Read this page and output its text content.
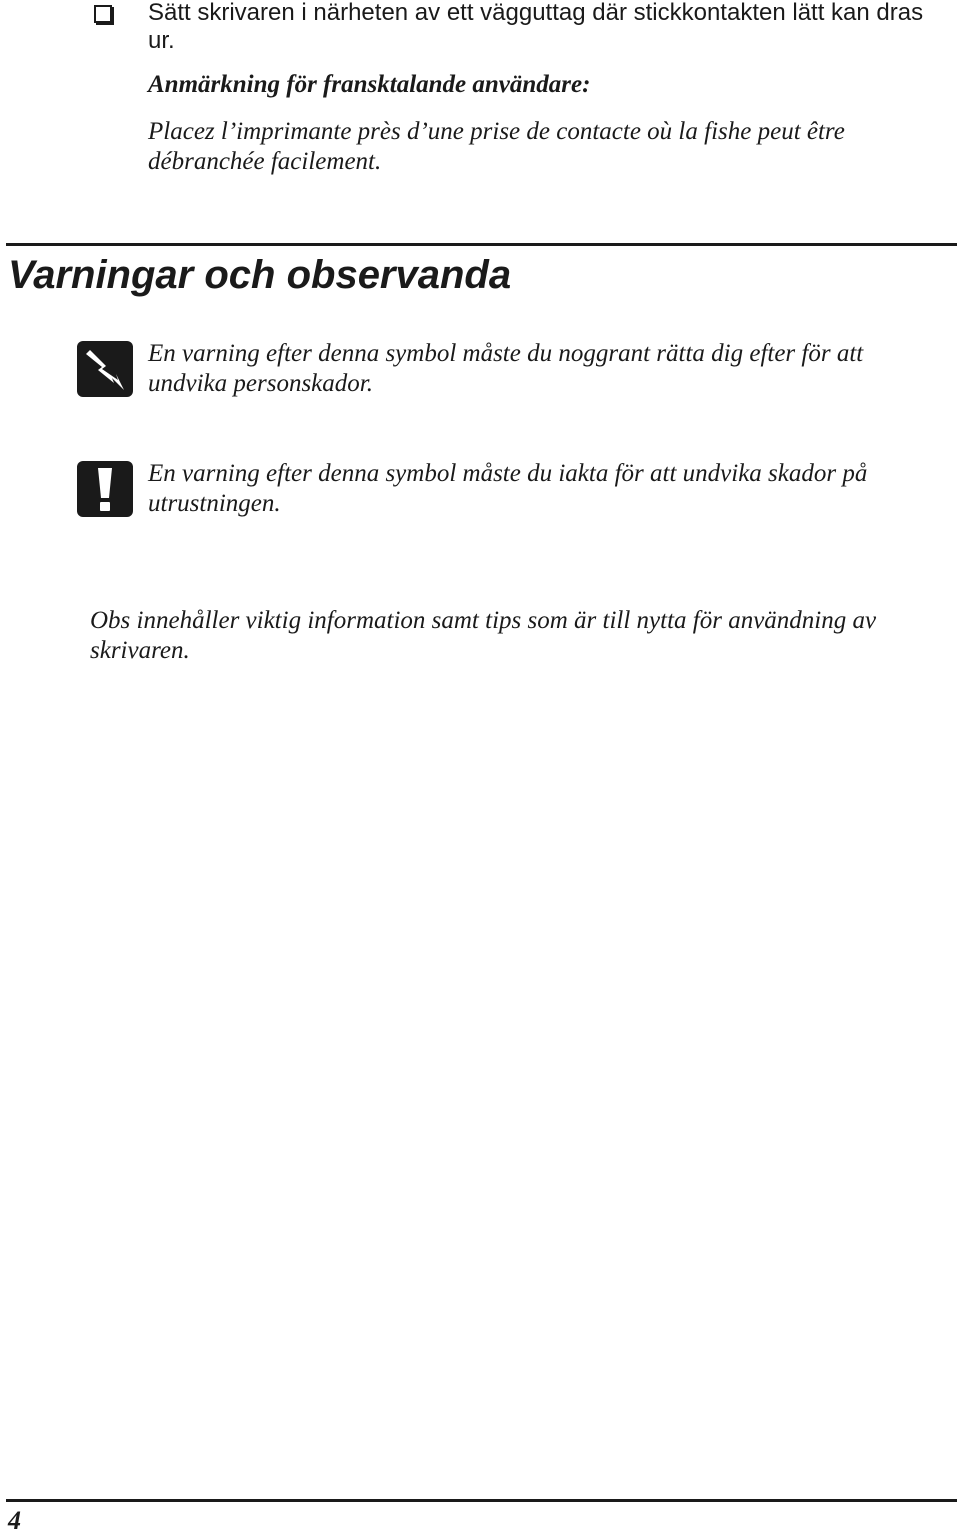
Sätt skrivaren i närheten av ett vägguttag där stickkontakten lätt kan dras ur.

Anmärkning för fransktalande användare:

Placez l’imprimante près d’une prise de contacte où la fishe peut être débranchée facilement.

Varningar och observanda

En varning efter denna symbol måste du noggrant rätta dig efter för att undvika personskador.

En varning efter denna symbol måste du iakta för att undvika skador på utrustningen.

Obs innehåller viktig information samt tips som är till nytta för användning av skrivaren.

4
